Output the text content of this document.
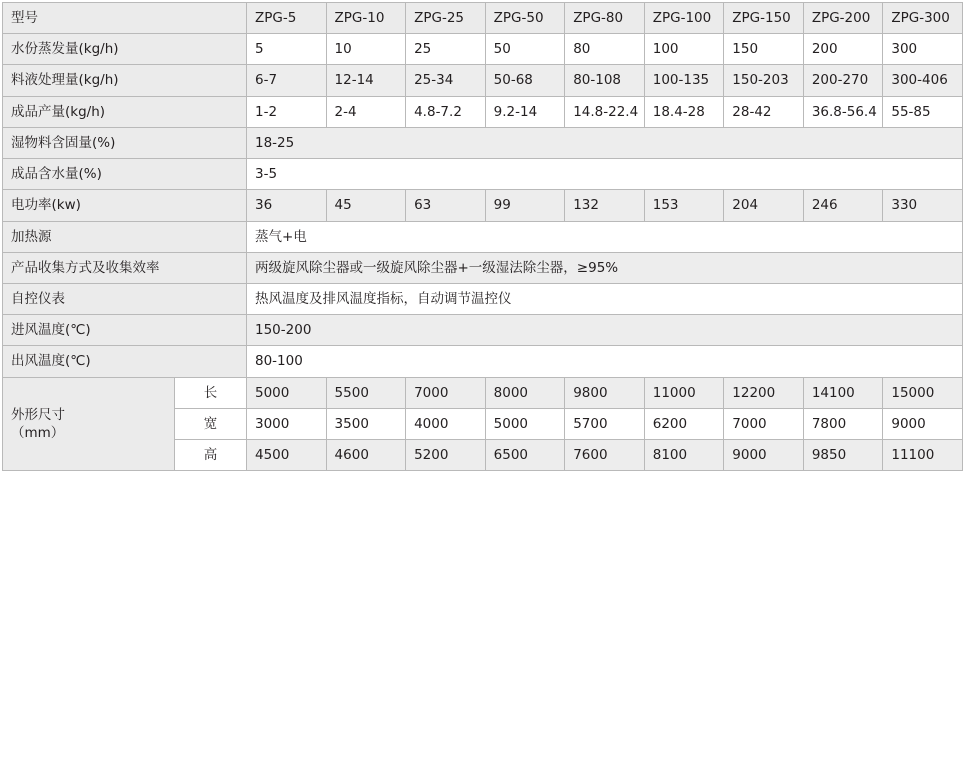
型号		ZPG-5	ZPG-10	ZPG-25	ZPG-50	ZPG-80	ZPG-100	ZPG-150	ZPG-200	ZPG-300
水份蒸发量(kg/h)		5	10	25	50	80	100	150	200	300
料液处理量(kg/h)		6-7	12-14	25-34	50-68	80-108	100-135	150-203	200-270	300-406
成品产量(kg/h)		1-2	2-4	4.8-7.2	9.2-14	14.8-22.4	18.4-28	28-42	36.8-56.4	55-85
湿物料含固量(%)		18-25								
成品含水量(%)		3-5								
电功率(kw)		36	45	63	99	132	153	204	246	330
加热源		蒸气+电								
产品收集方式及收集效率		两级旋风除尘器或一级旋风除尘器+一级湿法除尘器，≥95%								
自控仪表		热风温度及排风温度指标，自动调节温控仪								
进风温度(℃)		150-200								
出风温度(℃)		80-100								

外形尺寸
（mm）	长	5000	5500	7000	8000	9800	11000	12200	14100	15000
	宽	3000	3500	4000	5000	5700	6200	7000	7800	9000
	高	4500	4600	5200	6500	7600	8100	9000	9850	11100
